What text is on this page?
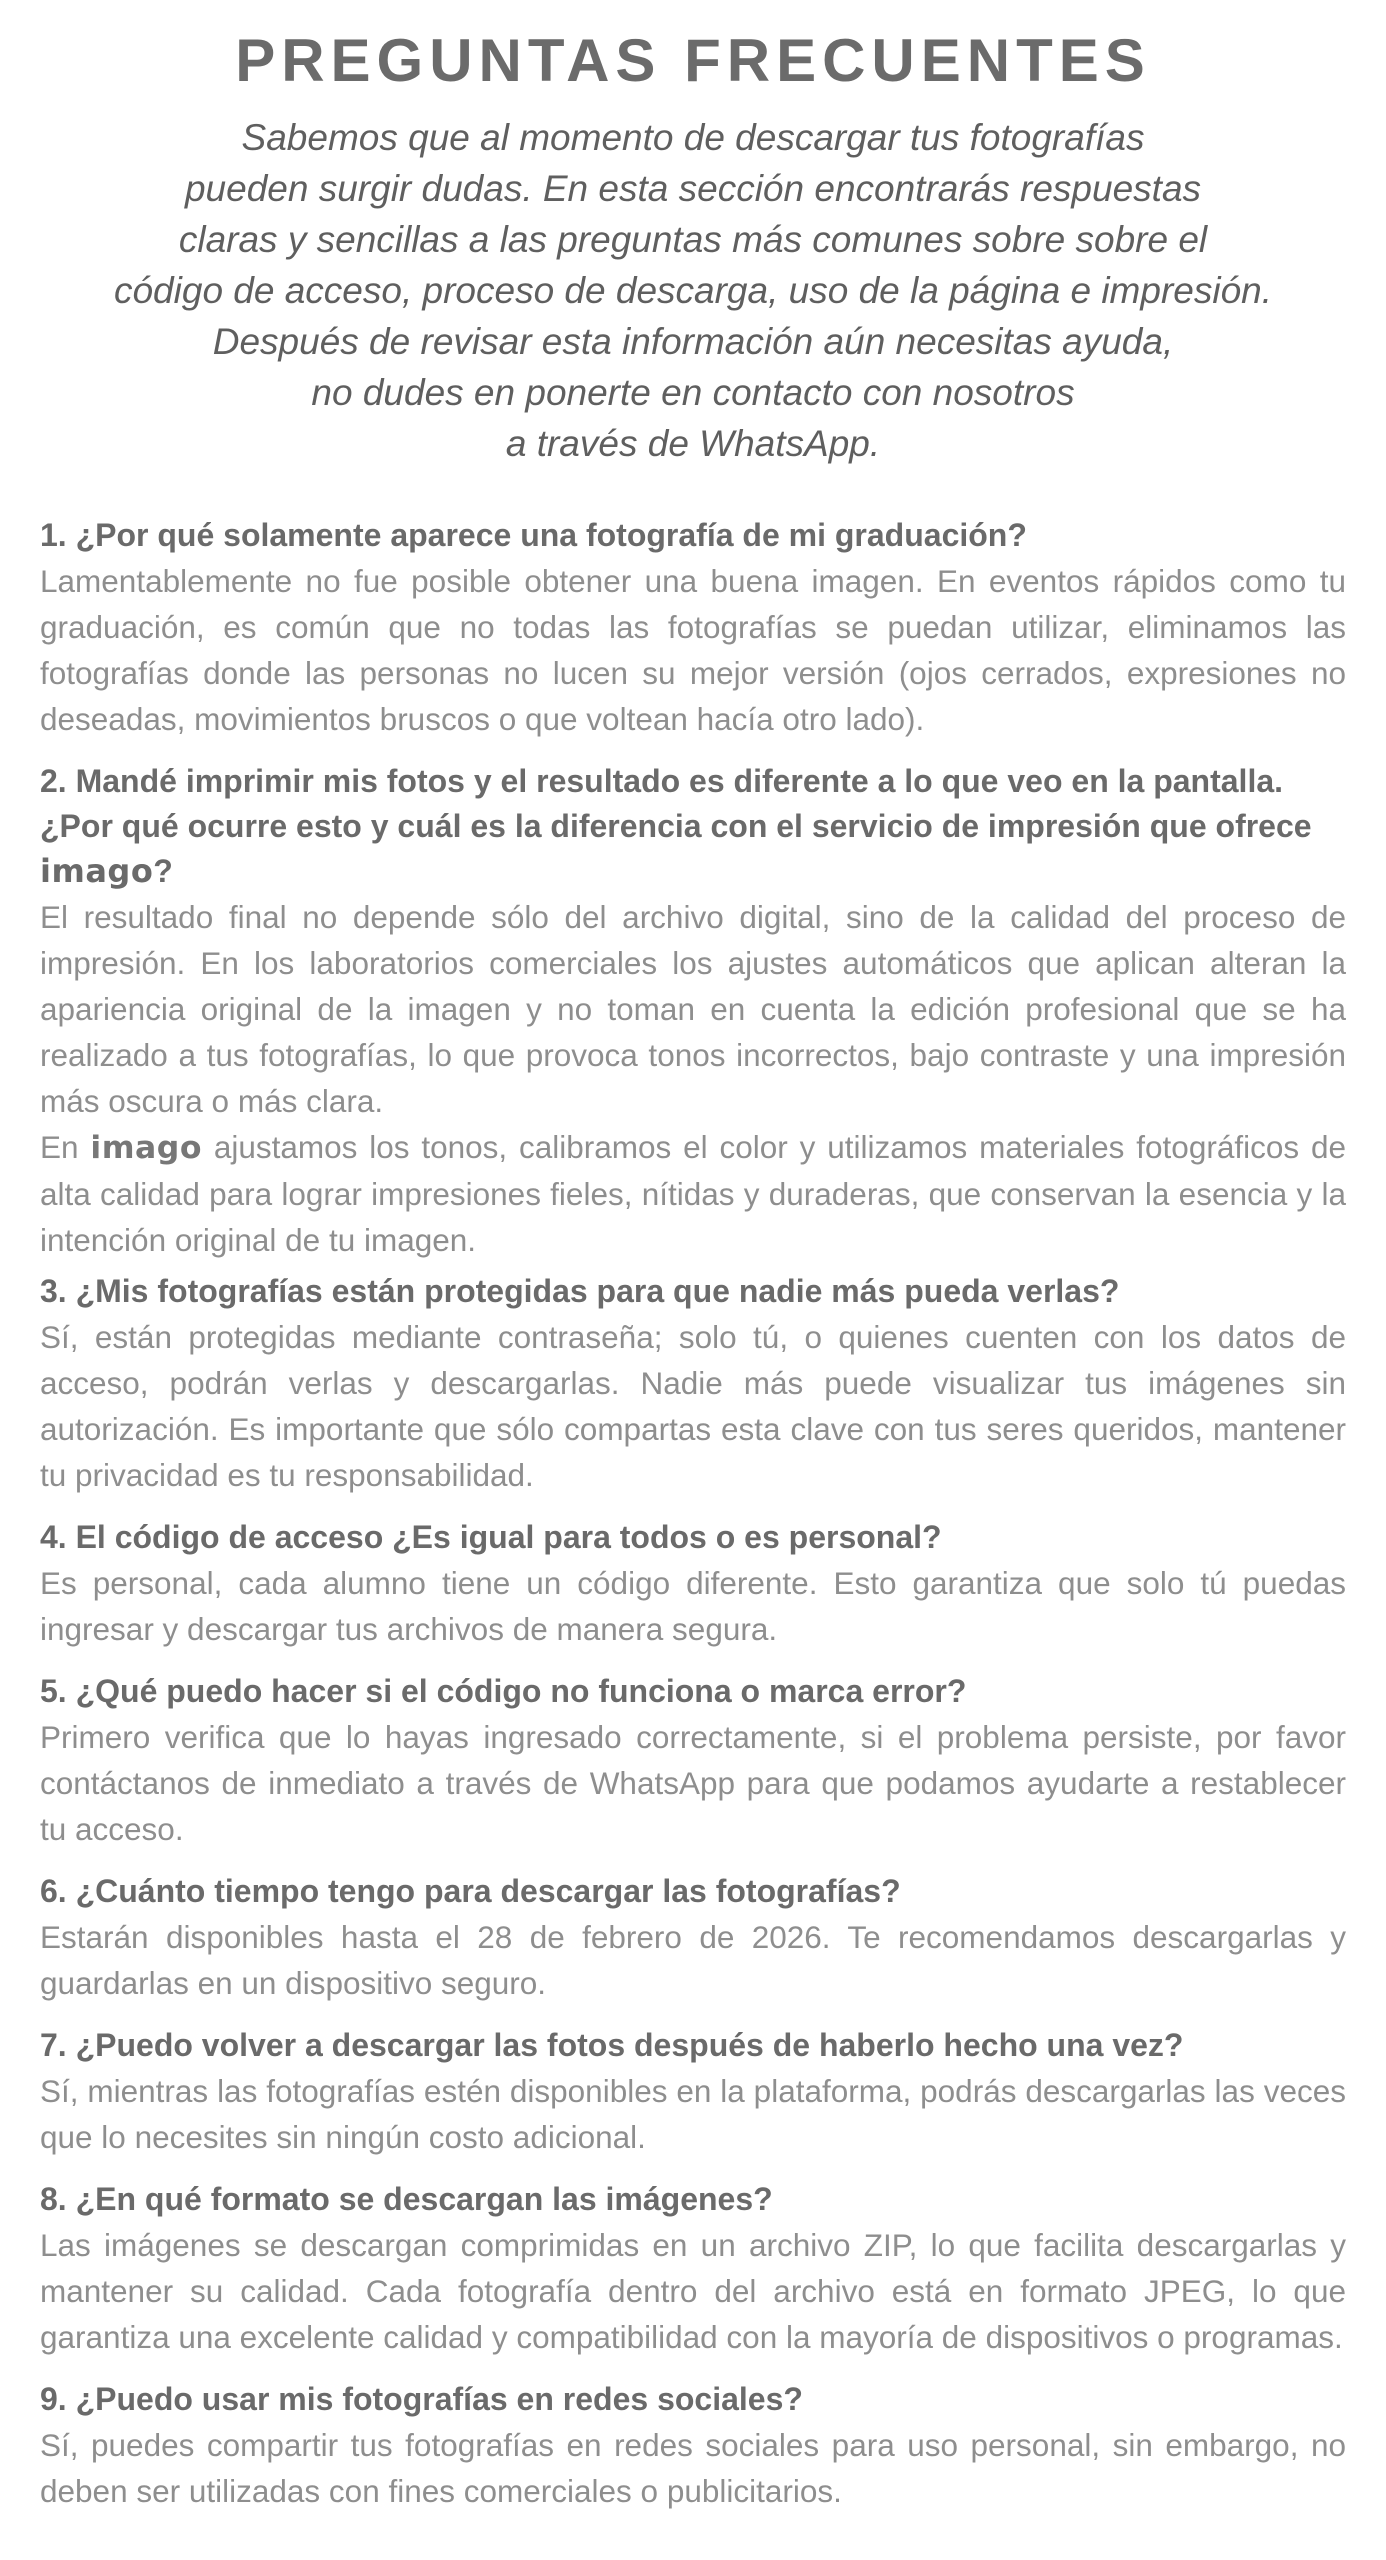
PREGUNTAS FRECUENTES
Sabemos que al momento de descargar tus fotografías
pueden surgir dudas. En esta sección encontrarás respuestas
claras y sencillas a las preguntas más comunes sobre sobre el
código de acceso, proceso de descarga, uso de la página e impresión.
Después de revisar esta información aún necesitas ayuda,
no dudes en ponerte en contacto con nosotros
a través de WhatsApp.

1. ¿Por qué solamente aparece una fotografía de mi graduación?

Lamentablemente no fue posible obtener una buena imagen. En eventos rápidos como tu graduación, es común que no todas las fotografías se puedan utilizar, eliminamos las fotografías donde las personas no lucen su mejor versión (ojos cerrados, expresiones no deseadas, movimientos bruscos o que voltean hacía otro lado).

2. Mandé imprimir mis fotos y el resultado es diferente a lo que veo en la pantalla. ¿Por qué ocurre esto y cuál es la diferencia con el servicio de impresión que ofrece imago?

El resultado final no depende sólo del archivo digital, sino de la calidad del proceso de impresión. En los laboratorios comerciales los ajustes automáticos que aplican alteran la apariencia original de la imagen y no toman en cuenta la edición profesional que se ha realizado a tus fotografías, lo que provoca tonos incorrectos, bajo contraste y una impresión más oscura o más clara.

En imago ajustamos los tonos, calibramos el color y utilizamos materiales fotográficos de alta calidad para lograr impresiones fieles, nítidas y duraderas, que conservan la esencia y la intención original de tu imagen.

3. ¿Mis fotografías están protegidas para que nadie más pueda verlas?

Sí, están protegidas mediante contraseña; solo tú, o quienes cuenten con los datos de acceso, podrán verlas y descargarlas. Nadie más puede visualizar tus imágenes sin autorización. Es importante que sólo compartas esta clave con tus seres queridos, mantener tu privacidad es tu responsabilidad.

4. El código de acceso ¿Es igual para todos o es personal?

Es personal, cada alumno tiene un código diferente. Esto garantiza que solo tú puedas ingresar y descargar tus archivos de manera segura.

5. ¿Qué puedo hacer si el código no funciona o marca error?

Primero verifica que lo hayas ingresado correctamente, si el problema persiste, por favor contáctanos de inmediato a través de WhatsApp para que podamos ayudarte a restablecer tu acceso.

6. ¿Cuánto tiempo tengo para descargar las fotografías?

Estarán disponibles hasta el 28 de febrero de 2026. Te recomendamos descargarlas y guardarlas en un dispositivo seguro.

7. ¿Puedo volver a descargar las fotos después de haberlo hecho una vez?

Sí, mientras las fotografías estén disponibles en la plataforma, podrás descargarlas las veces que lo necesites sin ningún costo adicional.

8. ¿En qué formato se descargan las imágenes?

Las imágenes se descargan comprimidas en un archivo ZIP, lo que facilita descargarlas y mantener su calidad. Cada fotografía dentro del archivo está en formato JPEG, lo que garantiza una excelente calidad y compatibilidad con la mayoría de dispositivos o programas.

9. ¿Puedo usar mis fotografías en redes sociales?

Sí, puedes compartir tus fotografías en redes sociales para uso personal, sin embargo, no deben ser utilizadas con fines comerciales o publicitarios.
